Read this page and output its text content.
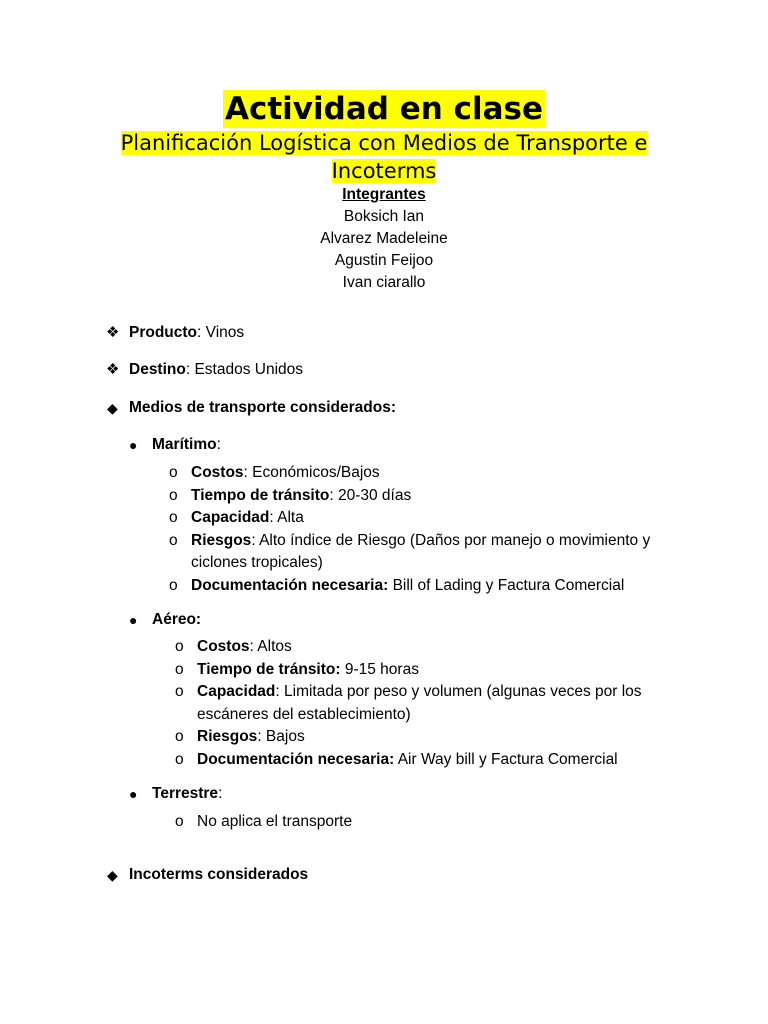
Actividad en clase
Planificación Logística con Medios de Transporte e Incoterms
Integrantes
Boksich Ian
Alvarez Madeleine
Agustin Feijoo
Ivan ciarallo
❖ Producto: Vinos
❖ Destino: Estados Unidos
◆ Medios de transporte considerados:
● Marítimo:
o Costos: Económicos/Bajos
o Tiempo de tránsito: 20-30 días
o Capacidad: Alta
o Riesgos: Alto índice de Riesgo (Daños por manejo o movimiento y ciclones tropicales)
o Documentación necesaria: Bill of Lading y Factura Comercial
● Aéreo:
o Costos: Altos
o Tiempo de tránsito: 9-15 horas
o Capacidad: Limitada por peso y volumen (algunas veces por los escáneres del establecimiento)
o Riesgos: Bajos
o Documentación necesaria: Air Way bill y Factura Comercial
● Terrestre:
o No aplica el transporte
◆ Incoterms considerados
